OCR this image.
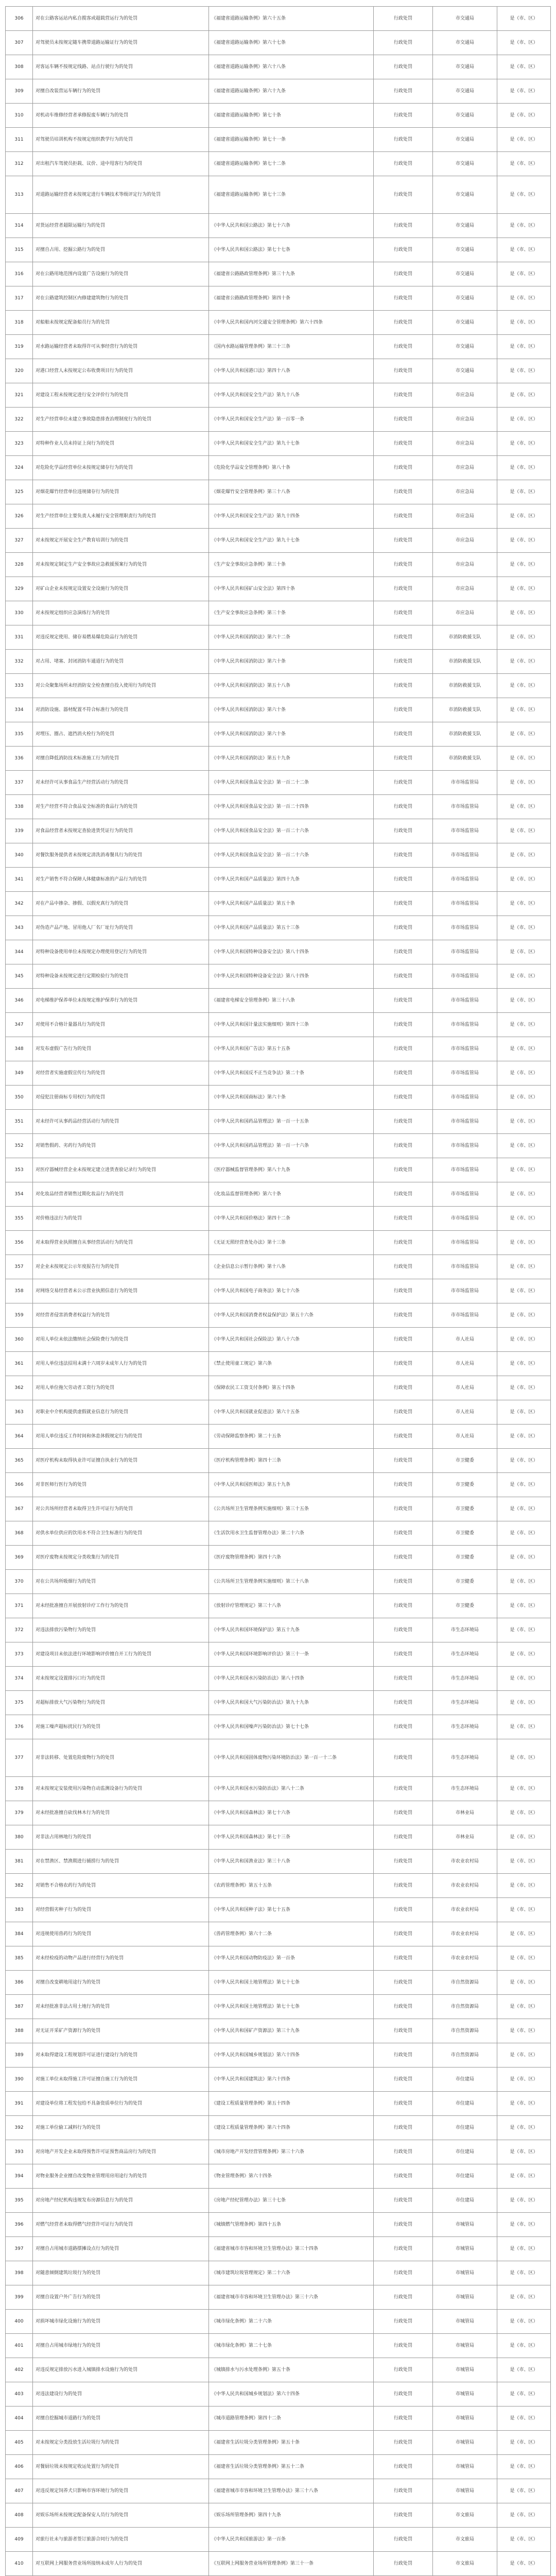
306	对在公路客运站内私自揽客或超载营运行为的处罚	《福建省道路运输条例》第六十五条	行政处罚	市交通局	是（市、区）
307	对驾驶员未按规定随车携带道路运输证行为的处罚	《福建省道路运输条例》第六十七条	行政处罚	市交通局	是（市、区）
308	对客运车辆不按规定线路、站点行驶行为的处罚	《福建省道路运输条例》第六十八条	行政处罚	市交通局	是（市、区）
309	对擅自改装营运车辆行为的处罚	《福建省道路运输条例》第六十九条	行政处罚	市交通局	是（市、区）
310	对机动车维修经营者承修报废车辆行为的处罚	《福建省道路运输条例》第七十条	行政处罚	市交通局	是（市、区）
311	对驾驶员培训机构不按规定组织教学行为的处罚	《福建省道路运输条例》第七十一条	行政处罚	市交通局	是（市、区）
312	对出租汽车驾驶员拒载、议价、途中甩客行为的处罚	《福建省道路运输条例》第七十二条	行政处罚	市交通局	是（市、区）
313	对道路运输经营者未按规定进行车辆技术等级评定行为的处罚	《福建省道路运输条例》第七十三条	行政处罚	市交通局	是（市、区）
314	对货运经营者超限运输行为的处罚	《中华人民共和国公路法》第七十六条	行政处罚	市交通局	是（市、区）
315	对擅自占用、挖掘公路行为的处罚	《中华人民共和国公路法》第七十七条	行政处罚	市交通局	是（市、区）
316	对在公路用地范围内设置广告设施行为的处罚	《福建省公路路政管理条例》第三十九条	行政处罚	市交通局	是（市、区）
317	对在公路建筑控制区内修建建筑物行为的处罚	《福建省公路路政管理条例》第四十条	行政处罚	市交通局	是（市、区）
318	对船舶未按规定配备船员行为的处罚	《中华人民共和国内河交通安全管理条例》第六十四条	行政处罚	市交通局	是（市、区）
319	对水路运输经营者未取得许可从事经营行为的处罚	《国内水路运输管理条例》第三十三条	行政处罚	市交通局	是（市、区）
320	对港口经营人未按规定公布收费项目行为的处罚	《中华人民共和国港口法》第四十八条	行政处罚	市交通局	是（市、区）
321	对建设工程未按规定进行安全评价行为的处罚	《中华人民共和国安全生产法》第九十八条	行政处罚	市应急局	是（市、区）
322	对生产经营单位未建立事故隐患排查治理制度行为的处罚	《中华人民共和国安全生产法》第一百零一条	行政处罚	市应急局	是（市、区）
323	对特种作业人员未持证上岗行为的处罚	《中华人民共和国安全生产法》第九十七条	行政处罚	市应急局	是（市、区）
324	对危险化学品经营单位未按规定储存行为的处罚	《危险化学品安全管理条例》第八十条	行政处罚	市应急局	是（市、区）
325	对烟花爆竹经营单位违规储存行为的处罚	《烟花爆竹安全管理条例》第三十八条	行政处罚	市应急局	是（市、区）
326	对生产经营单位主要负责人未履行安全管理职责行为的处罚	《中华人民共和国安全生产法》第九十四条	行政处罚	市应急局	是（市、区）
327	对未按规定开展安全生产教育培训行为的处罚	《中华人民共和国安全生产法》第九十七条	行政处罚	市应急局	是（市、区）
328	对未按规定制定生产安全事故应急救援预案行为的处罚	《生产安全事故应急条例》第三十条	行政处罚	市应急局	是（市、区）
329	对矿山企业未按规定设置安全设施行为的处罚	《中华人民共和国矿山安全法》第四十条	行政处罚	市应急局	是（市、区）
330	对未按规定组织应急演练行为的处罚	《生产安全事故应急条例》第三十条	行政处罚	市应急局	是（市、区）
331	对违反规定使用、储存易燃易爆危险品行为的处罚	《中华人民共和国消防法》第六十二条	行政处罚	市消防救援支队	是（市、区）
332	对占用、堵塞、封闭消防车通道行为的处罚	《中华人民共和国消防法》第六十条	行政处罚	市消防救援支队	是（市、区）
333	对公众聚集场所未经消防安全检查擅自投入使用行为的处罚	《中华人民共和国消防法》第五十八条	行政处罚	市消防救援支队	是（市、区）
334	对消防设施、器材配置不符合标准行为的处罚	《中华人民共和国消防法》第六十条	行政处罚	市消防救援支队	是（市、区）
335	对埋压、圈占、遮挡消火栓行为的处罚	《中华人民共和国消防法》第六十条	行政处罚	市消防救援支队	是（市、区）
336	对擅自降低消防技术标准施工行为的处罚	《中华人民共和国消防法》第五十九条	行政处罚	市消防救援支队	是（市、区）
337	对未经许可从事食品生产经营活动行为的处罚	《中华人民共和国食品安全法》第一百二十二条	行政处罚	市市场监管局	是（市、区）
338	对生产经营不符合食品安全标准的食品行为的处罚	《中华人民共和国食品安全法》第一百二十四条	行政处罚	市市场监管局	是（市、区）
339	对食品经营者未按规定查验进货凭证行为的处罚	《中华人民共和国食品安全法》第一百二十六条	行政处罚	市市场监管局	是（市、区）
340	对餐饮服务提供者未按规定清洗消毒餐具行为的处罚	《中华人民共和国食品安全法》第一百二十六条	行政处罚	市市场监管局	是（市、区）
341	对生产销售不符合保障人体健康标准的产品行为的处罚	《中华人民共和国产品质量法》第四十九条	行政处罚	市市场监管局	是（市、区）
342	对在产品中掺杂、掺假、以假充真行为的处罚	《中华人民共和国产品质量法》第五十条	行政处罚	市市场监管局	是（市、区）
343	对伪造产品产地、冒用他人厂名厂址行为的处罚	《中华人民共和国产品质量法》第五十三条	行政处罚	市市场监管局	是（市、区）
344	对特种设备使用单位未按规定办理使用登记行为的处罚	《中华人民共和国特种设备安全法》第八十四条	行政处罚	市市场监管局	是（市、区）
345	对特种设备未按规定进行定期检验行为的处罚	《中华人民共和国特种设备安全法》第八十四条	行政处罚	市市场监管局	是（市、区）
346	对电梯维护保养单位未按规定维护保养行为的处罚	《福建省电梯安全管理条例》第三十八条	行政处罚	市市场监管局	是（市、区）
347	对使用不合格计量器具行为的处罚	《中华人民共和国计量法实施细则》第四十三条	行政处罚	市市场监管局	是（市、区）
348	对发布虚假广告行为的处罚	《中华人民共和国广告法》第五十五条	行政处罚	市市场监管局	是（市、区）
349	对经营者实施虚假宣传行为的处罚	《中华人民共和国反不正当竞争法》第二十条	行政处罚	市市场监管局	是（市、区）
350	对侵犯注册商标专用权行为的处罚	《中华人民共和国商标法》第六十条	行政处罚	市市场监管局	是（市、区）
351	对未经许可从事药品经营活动行为的处罚	《中华人民共和国药品管理法》第一百一十五条	行政处罚	市市场监管局	是（市、区）
352	对销售假药、劣药行为的处罚	《中华人民共和国药品管理法》第一百一十六条	行政处罚	市市场监管局	是（市、区）
353	对医疗器械经营企业未按规定建立进货查验记录行为的处罚	《医疗器械监督管理条例》第八十九条	行政处罚	市市场监管局	是（市、区）
354	对化妆品经营者销售过期化妆品行为的处罚	《化妆品监督管理条例》第六十条	行政处罚	市市场监管局	是（市、区）
355	对价格违法行为的处罚	《中华人民共和国价格法》第四十二条	行政处罚	市市场监管局	是（市、区）
356	对未取得营业执照擅自从事经营活动行为的处罚	《无证无照经营查处办法》第十三条	行政处罚	市市场监管局	是（市、区）
357	对企业未按规定公示年度报告行为的处罚	《企业信息公示暂行条例》第十八条	行政处罚	市市场监管局	是（市、区）
358	对网络交易经营者未公示营业执照信息行为的处罚	《中华人民共和国电子商务法》第七十六条	行政处罚	市市场监管局	是（市、区）
359	对经营者侵害消费者权益行为的处罚	《中华人民共和国消费者权益保护法》第五十六条	行政处罚	市市场监管局	是（市、区）
360	对用人单位未依法缴纳社会保险费行为的处罚	《中华人民共和国社会保险法》第八十六条	行政处罚	市人社局	是（市、区）
361	对用人单位违法招用未满十六周岁未成年人行为的处罚	《禁止使用童工规定》第六条	行政处罚	市人社局	是（市、区）
362	对用人单位拖欠劳动者工资行为的处罚	《保障农民工工资支付条例》第五十四条	行政处罚	市人社局	是（市、区）
363	对职业中介机构提供虚假就业信息行为的处罚	《中华人民共和国就业促进法》第六十五条	行政处罚	市人社局	是（市、区）
364	对用人单位违反工作时间和休息休假规定行为的处罚	《劳动保障监察条例》第二十五条	行政处罚	市人社局	是（市、区）
365	对医疗机构未取得执业许可证擅自执业行为的处罚	《医疗机构管理条例》第四十三条	行政处罚	市卫健委	是（市、区）
366	对非医师行医行为的处罚	《中华人民共和国医师法》第五十九条	行政处罚	市卫健委	是（市、区）
367	对公共场所经营者未取得卫生许可证行为的处罚	《公共场所卫生管理条例实施细则》第三十五条	行政处罚	市卫健委	是（市、区）
368	对供水单位供应的饮用水不符合卫生标准行为的处罚	《生活饮用水卫生监督管理办法》第二十六条	行政处罚	市卫健委	是（市、区）
369	对医疗废物未按规定分类收集行为的处罚	《医疗废物管理条例》第四十六条	行政处罚	市卫健委	是（市、区）
370	对在公共场所吸烟行为的处罚	《公共场所卫生管理条例实施细则》第三十八条	行政处罚	市卫健委	是（市、区）
371	对未经批准擅自开展放射诊疗工作行为的处罚	《放射诊疗管理规定》第三十八条	行政处罚	市卫健委	是（市、区）
372	对违法排放污染物行为的处罚	《中华人民共和国环境保护法》第五十九条	行政处罚	市生态环境局	是（市、区）
373	对建设项目未依法进行环境影响评价擅自开工行为的处罚	《中华人民共和国环境影响评价法》第三十一条	行政处罚	市生态环境局	是（市、区）
374	对未按规定设置排污口行为的处罚	《中华人民共和国水污染防治法》第八十四条	行政处罚	市生态环境局	是（市、区）
375	对超标排放大气污染物行为的处罚	《中华人民共和国大气污染防治法》第九十九条	行政处罚	市生态环境局	是（市、区）
376	对施工噪声超标扰民行为的处罚	《中华人民共和国噪声污染防治法》第七十七条	行政处罚	市生态环境局	是（市、区）
377	对非法转移、处置危险废物行为的处罚	《中华人民共和国固体废物污染环境防治法》第一百一十二条	行政处罚	市生态环境局	是（市、区）
378	对未按规定安装使用污染物自动监测设备行为的处罚	《中华人民共和国水污染防治法》第八十二条	行政处罚	市生态环境局	是（市、区）
379	对未经批准擅自砍伐林木行为的处罚	《中华人民共和国森林法》第七十六条	行政处罚	市林业局	是（市、区）
380	对非法占用林地行为的处罚	《中华人民共和国森林法》第七十三条	行政处罚	市林业局	是（市、区）
381	对在禁渔区、禁渔期进行捕捞行为的处罚	《中华人民共和国渔业法》第三十八条	行政处罚	市农业农村局	是（市、区）
382	对销售不合格农药行为的处罚	《农药管理条例》第五十五条	行政处罚	市农业农村局	是（市、区）
383	对经营假劣种子行为的处罚	《中华人民共和国种子法》第七十五条	行政处罚	市农业农村局	是（市、区）
384	对违规使用兽药行为的处罚	《兽药管理条例》第六十二条	行政处罚	市农业农村局	是（市、区）
385	对未经检疫的动物产品进行经营行为的处罚	《中华人民共和国动物防疫法》第一百条	行政处罚	市农业农村局	是（市、区）
386	对擅自改变耕地用途行为的处罚	《中华人民共和国土地管理法》第七十七条	行政处罚	市自然资源局	是（市、区）
387	对未经批准非法占用土地行为的处罚	《中华人民共和国土地管理法》第七十七条	行政处罚	市自然资源局	是（市、区）
388	对无证开采矿产资源行为的处罚	《中华人民共和国矿产资源法》第三十九条	行政处罚	市自然资源局	是（市、区）
389	对未取得建设工程规划许可证进行建设行为的处罚	《中华人民共和国城乡规划法》第六十四条	行政处罚	市自然资源局	是（市、区）
390	对施工单位未取得施工许可证擅自施工行为的处罚	《中华人民共和国建筑法》第六十四条	行政处罚	市住建局	是（市、区）
391	对建设单位将工程发包给不具备资质单位行为的处罚	《建设工程质量管理条例》第五十四条	行政处罚	市住建局	是（市、区）
392	对施工单位偷工减料行为的处罚	《建设工程质量管理条例》第六十四条	行政处罚	市住建局	是（市、区）
393	对房地产开发企业未取得预售许可证预售商品房行为的处罚	《城市房地产开发经营管理条例》第三十六条	行政处罚	市住建局	是（市、区）
394	对物业服务企业擅自改变物业管理用房用途行为的处罚	《物业管理条例》第六十四条	行政处罚	市住建局	是（市、区）
395	对房地产经纪机构违规发布房源信息行为的处罚	《房地产经纪管理办法》第三十七条	行政处罚	市住建局	是（市、区）
396	对燃气经营者未取得燃气经营许可证行为的处罚	《城镇燃气管理条例》第四十五条	行政处罚	市城管局	是（市、区）
397	对擅自占用城市道路摆摊设点行为的处罚	《福建省城市市容和环境卫生管理办法》第三十四条	行政处罚	市城管局	是（市、区）
398	对随意倾倒建筑垃圾行为的处罚	《城市建筑垃圾管理规定》第二十六条	行政处罚	市城管局	是（市、区）
399	对擅自设置户外广告行为的处罚	《福建省城市市容和环境卫生管理办法》第三十六条	行政处罚	市城管局	是（市、区）
400	对损坏城市绿化设施行为的处罚	《城市绿化条例》第二十六条	行政处罚	市城管局	是（市、区）
401	对擅自占用城市绿地行为的处罚	《城市绿化条例》第二十七条	行政处罚	市城管局	是（市、区）
402	对违反规定排放污水进入城镇排水设施行为的处罚	《城镇排水与污水处理条例》第五十条	行政处罚	市城管局	是（市、区）
403	对违法建设行为的处罚	《中华人民共和国城乡规划法》第六十四条	行政处罚	市城管局	是（市、区）
404	对擅自挖掘城市道路行为的处罚	《城市道路管理条例》第四十二条	行政处罚	市城管局	是（市、区）
405	对未按规定分类投放生活垃圾行为的处罚	《福建省生活垃圾分类管理条例》第五十条	行政处罚	市城管局	是（市、区）
406	对餐厨垃圾未按规定收运处置行为的处罚	《福建省生活垃圾分类管理条例》第五十二条	行政处罚	市城管局	是（市、区）
407	对违反规定饲养犬只影响市容环境行为的处罚	《福建省城市市容和环境卫生管理办法》第三十八条	行政处罚	市城管局	是（市、区）
408	对娱乐场所未按规定配备保安人员行为的处罚	《娱乐场所管理条例》第四十九条	行政处罚	市文旅局	是（市、区）
409	对旅行社未与旅游者签订旅游合同行为的处罚	《中华人民共和国旅游法》第一百条	行政处罚	市文旅局	是（市、区）
410	对互联网上网服务营业场所接纳未成年人行为的处罚	《互联网上网服务营业场所管理条例》第三十一条	行政处罚	市文旅局	是（市、区）
